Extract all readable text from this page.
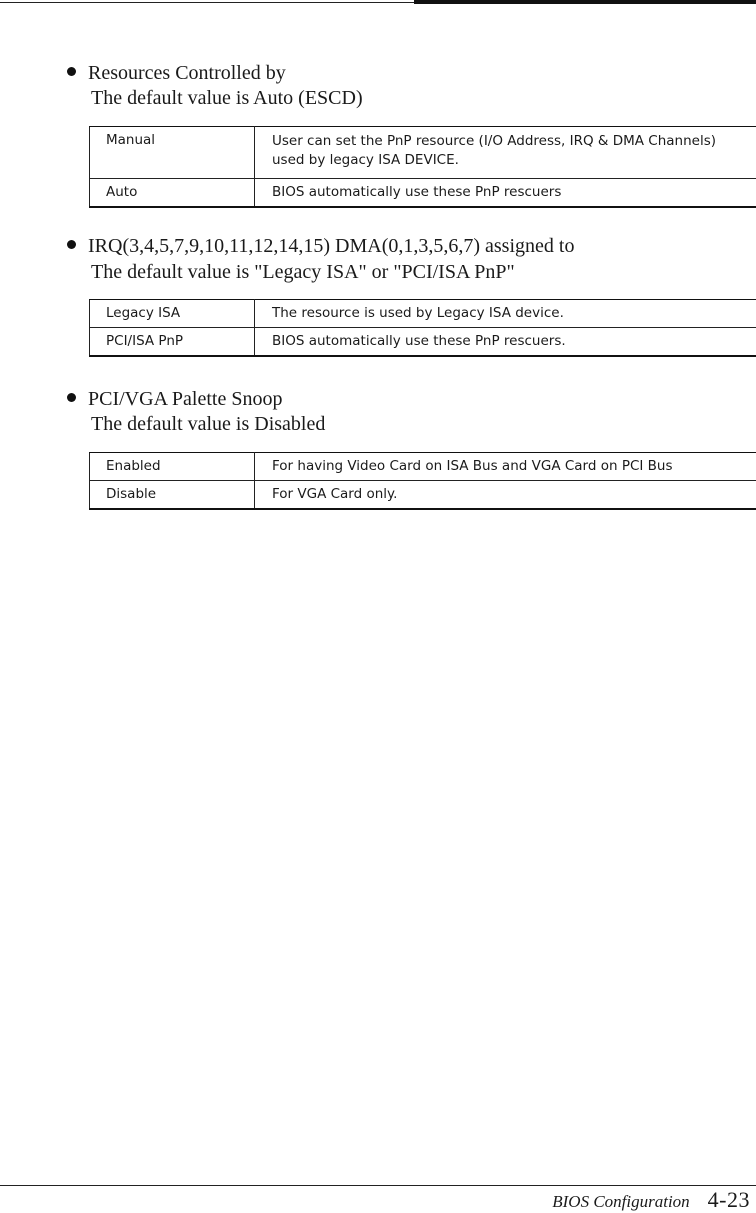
Resources Controlled by
The default value is Auto (ESCD)
Manual	User can set the PnP resource (I/O Address, IRQ & DMA Channels)
used by legacy ISA DEVICE.

Auto	BIOS automatically use these PnP rescuers
IRQ(3,4,5,7,9,10,11,12,14,15) DMA(0,1,3,5,6,7) assigned to
The default value is "Legacy ISA" or "PCI/ISA PnP"
Legacy ISA	The resource is used by Legacy ISA device.
PCI/ISA PnP	BIOS automatically use these PnP rescuers.
PCI/VGA Palette Snoop
The default value is Disabled
Enabled	For having Video Card on ISA Bus and VGA Card on PCI Bus
Disable	For VGA Card only.
BIOS Configuration 4-23
